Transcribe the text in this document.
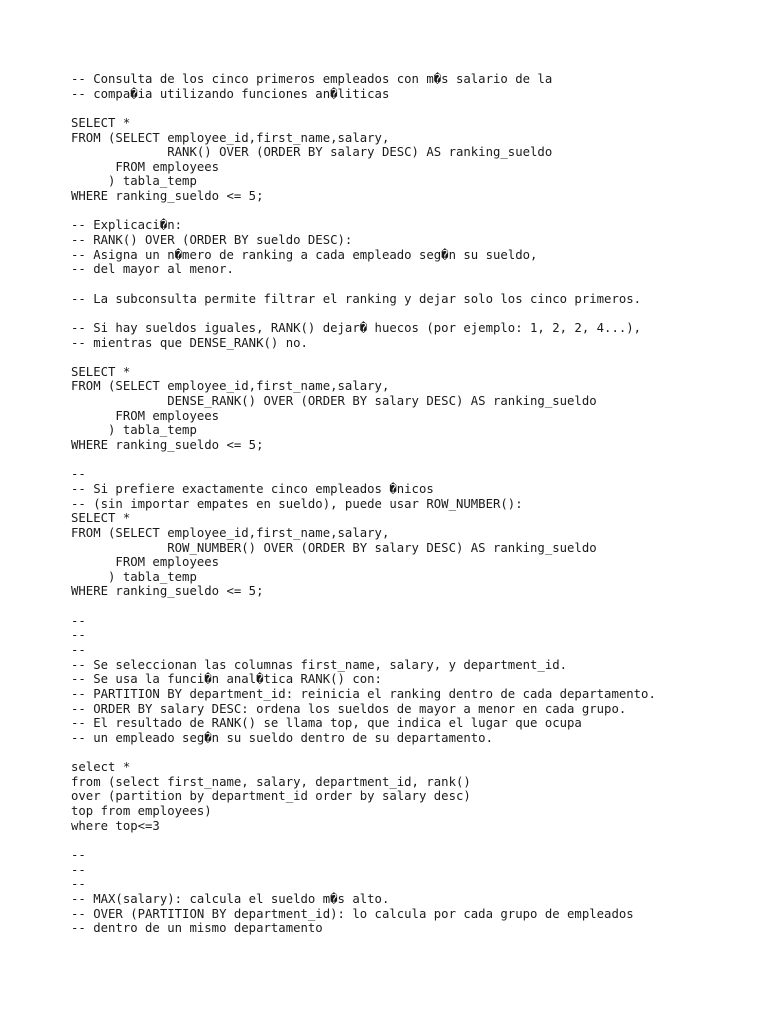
-- Consulta de los cinco primeros empleados con m�s salario de la
-- compa�ia utilizando funciones an�liticas
SELECT *
FROM (SELECT employee_id,first_name,salary,
RANK() OVER (ORDER BY salary DESC) AS ranking_sueldo
FROM employees
) tabla_temp
WHERE ranking_sueldo <= 5;
-- Explicaci�n:
-- RANK() OVER (ORDER BY sueldo DESC):
-- Asigna un n�mero de ranking a cada empleado seg�n su sueldo,
-- del mayor al menor.
-- La subconsulta permite filtrar el ranking y dejar solo los cinco primeros.
-- Si hay sueldos iguales, RANK() dejar� huecos (por ejemplo: 1, 2, 2, 4...),
-- mientras que DENSE_RANK() no.
SELECT *
FROM (SELECT employee_id,first_name,salary,
DENSE_RANK() OVER (ORDER BY salary DESC) AS ranking_sueldo
FROM employees
) tabla_temp
WHERE ranking_sueldo <= 5;
--
-- Si prefiere exactamente cinco empleados �nicos
-- (sin importar empates en sueldo), puede usar ROW_NUMBER():
SELECT *
FROM (SELECT employee_id,first_name,salary,
ROW_NUMBER() OVER (ORDER BY salary DESC) AS ranking_sueldo
FROM employees
) tabla_temp
WHERE ranking_sueldo <= 5;
--
--
--
-- Se seleccionan las columnas first_name, salary, y department_id.
-- Se usa la funci�n anal�tica RANK() con:
-- PARTITION BY department_id: reinicia el ranking dentro de cada departamento.
-- ORDER BY salary DESC: ordena los sueldos de mayor a menor en cada grupo.
-- El resultado de RANK() se llama top, que indica el lugar que ocupa
-- un empleado seg�n su sueldo dentro de su departamento.
select *
from (select first_name, salary, department_id, rank()
over (partition by department_id order by salary desc)
top from employees)
where top<=3
--
--
--
-- MAX(salary): calcula el sueldo m�s alto.
-- OVER (PARTITION BY department_id): lo calcula por cada grupo de empleados
-- dentro de un mismo departamento
